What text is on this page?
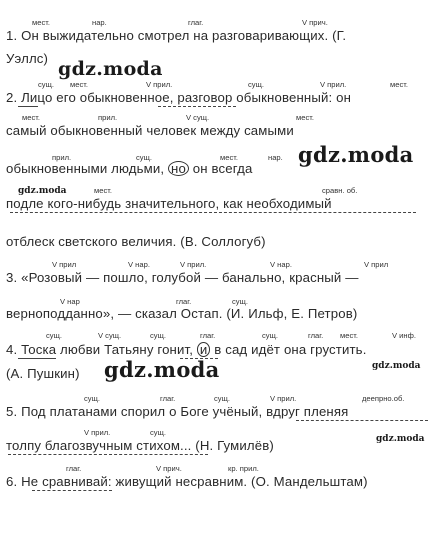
мест.	нар.	глаг.	V прич.
1. Он выжидательно смотрел на разговаривающих. (Г.
Уэллс) gdz.moda
сущ. мест.	V прил.	сущ.	V прил.	мест.
2. Лицо его обыкновенное, разговор обыкновенный: он
мест.	прил.	V сущ.	мест.
самый обыкновенный человек между самыми
прил.	сущ.	мест.	нар.
обыкновенными людьми, но он всегда
gdz.moda
gdz.moda	мест.	сравн. об.
подле кого-нибудь значительного, как необходимый
отблеск светского величия. (В. Соллогуб)
V прил	V нар.	V прил.	V нар.	V прил
3. «Розовый — пошло, голубой — банально, красный —
V нар	глаг.	сущ.
верноподданно», — сказал Остап. (И. Ильф, Е. Петров)
сущ.	V сущ.	сущ.	глаг.	сущ.	глаг. мест.	V инф.
4. Тоска любви Татьяну гонит, и в сад идёт она грустить.
(А. Пушкин) gdz.moda	gdz.moda
сущ.	глаг.	сущ.	V прил.	деепрно.об.
5. Под платанами спорил о Боге учёный, вдруг пленяя
V прил.	сущ.
gdz.moda
толпу благозвучным стихом... (Н. Гумилёв)
глаг.	V прич.	кр. прил.
6. Не сравнивай: живущий несравним. (О. Мандельштам)
